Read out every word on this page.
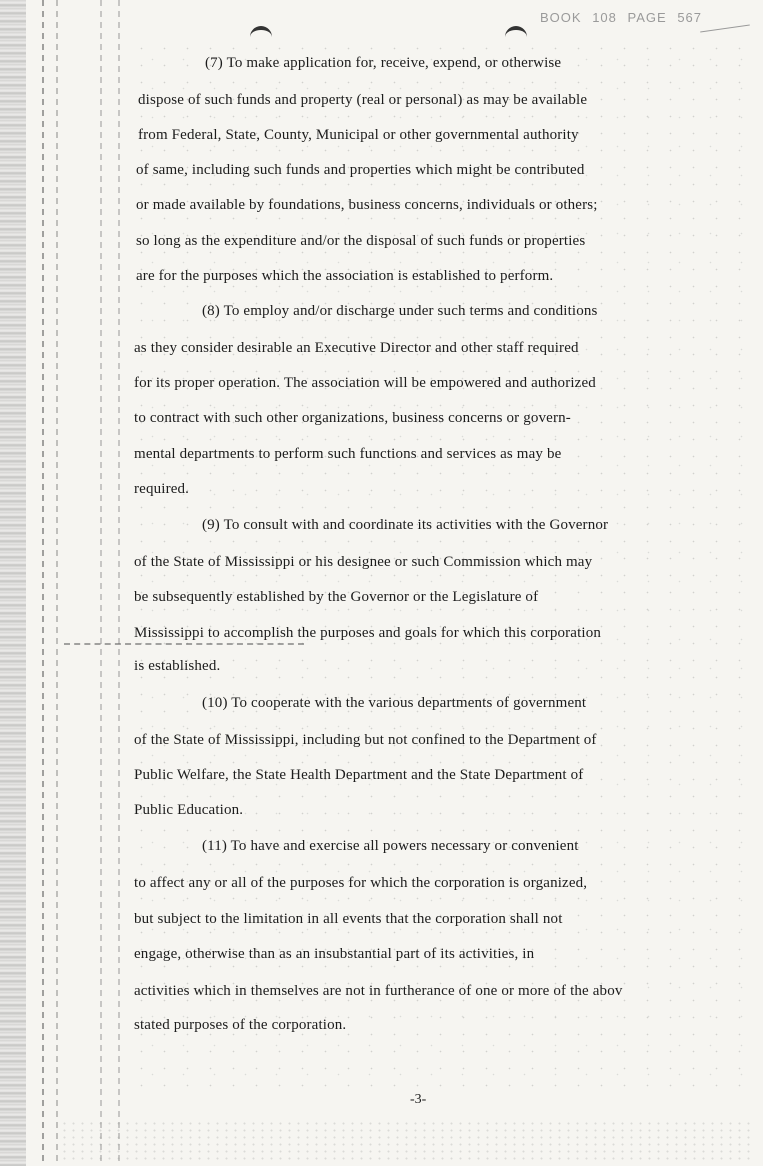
BOOK 108 PAGE 567
(7) To make application for, receive, expend, or otherwise
dispose of such funds and property (real or personal) as may be available
from Federal, State, County, Municipal or other governmental authority
of same, including such funds and properties which might be contributed
or made available by foundations, business concerns, individuals or others;
so long as the expenditure and/or the disposal of such funds or properties
are for the purposes which the association is established to perform.
(8) To employ and/or discharge under such terms and conditions
as they consider desirable an Executive Director and other staff required
for its proper operation. The association will be empowered and authorized
to contract with such other organizations, business concerns or govern-
mental departments to perform such functions and services as may be
required.
(9) To consult with and coordinate its activities with the Governor
of the State of Mississippi or his designee or such Commission which may
be subsequently established by the Governor or the Legislature of
Mississippi to accomplish the purposes and goals for which this corporation
is established.
(10) To cooperate with the various departments of government
of the State of Mississippi, including but not confined to the Department of
Public Welfare, the State Health Department and the State Department of
Public Education.
(11) To have and exercise all powers necessary or convenient
to affect any or all of the purposes for which the corporation is organized,
but subject to the limitation in all events that the corporation shall not
engage, otherwise than as an insubstantial part of its activities, in
activities which in themselves are not in furtherance of one or more of the abov
stated purposes of the corporation.
-3-
